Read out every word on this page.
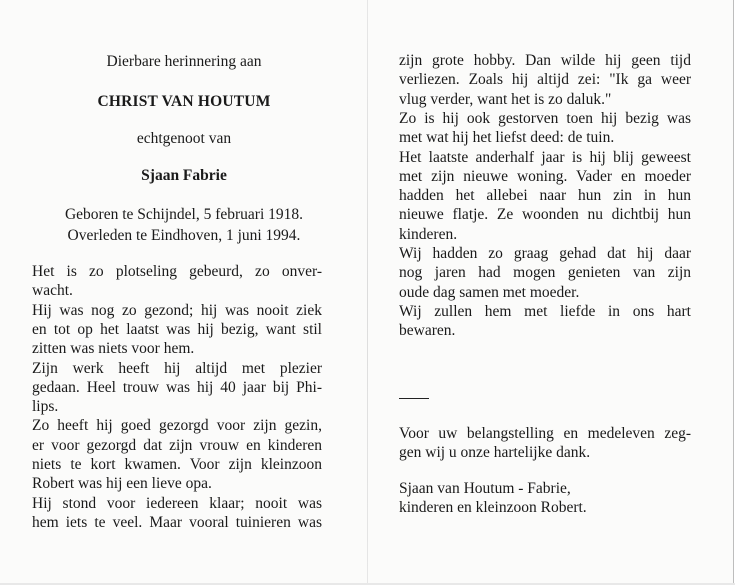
Dierbare herinnering aan

CHRIST VAN HOUTUM

echtgenoot van

Sjaan Fabrie

Geboren te Schijndel, 5 februari 1918.
Overleden te Eindhoven, 1 juni 1994.

Het is zo plotseling gebeurd, zo onver-
wacht.
Hij was nog zo gezond; hij was nooit ziek
en tot op het laatst was hij bezig, want stil
zitten was niets voor hem.
Zijn werk heeft hij altijd met plezier
gedaan. Heel trouw was hij 40 jaar bij Phi-
lips.
Zo heeft hij goed gezorgd voor zijn gezin,
er voor gezorgd dat zijn vrouw en kinderen
niets te kort kwamen. Voor zijn kleinzoon
Robert was hij een lieve opa.
Hij stond voor iedereen klaar; nooit was
hem iets te veel. Maar vooral tuinieren was
zijn grote hobby. Dan wilde hij geen tijd
verliezen. Zoals hij altijd zei: "Ik ga weer
vlug verder, want het is zo daluk."
Zo is hij ook gestorven toen hij bezig was
met wat hij het liefst deed: de tuin.
Het laatste anderhalf jaar is hij blij geweest
met zijn nieuwe woning. Vader en moeder
hadden het allebei naar hun zin in hun
nieuwe flatje. Ze woonden nu dichtbij hun
kinderen.
Wij hadden zo graag gehad dat hij daar
nog jaren had mogen genieten van zijn
oude dag samen met moeder.
Wij zullen hem met liefde in ons hart
bewaren.
Voor uw belangstelling en medeleven zeg-
gen wij u onze hartelijke dank.
Sjaan van Houtum - Fabrie,
kinderen en kleinzoon Robert.
